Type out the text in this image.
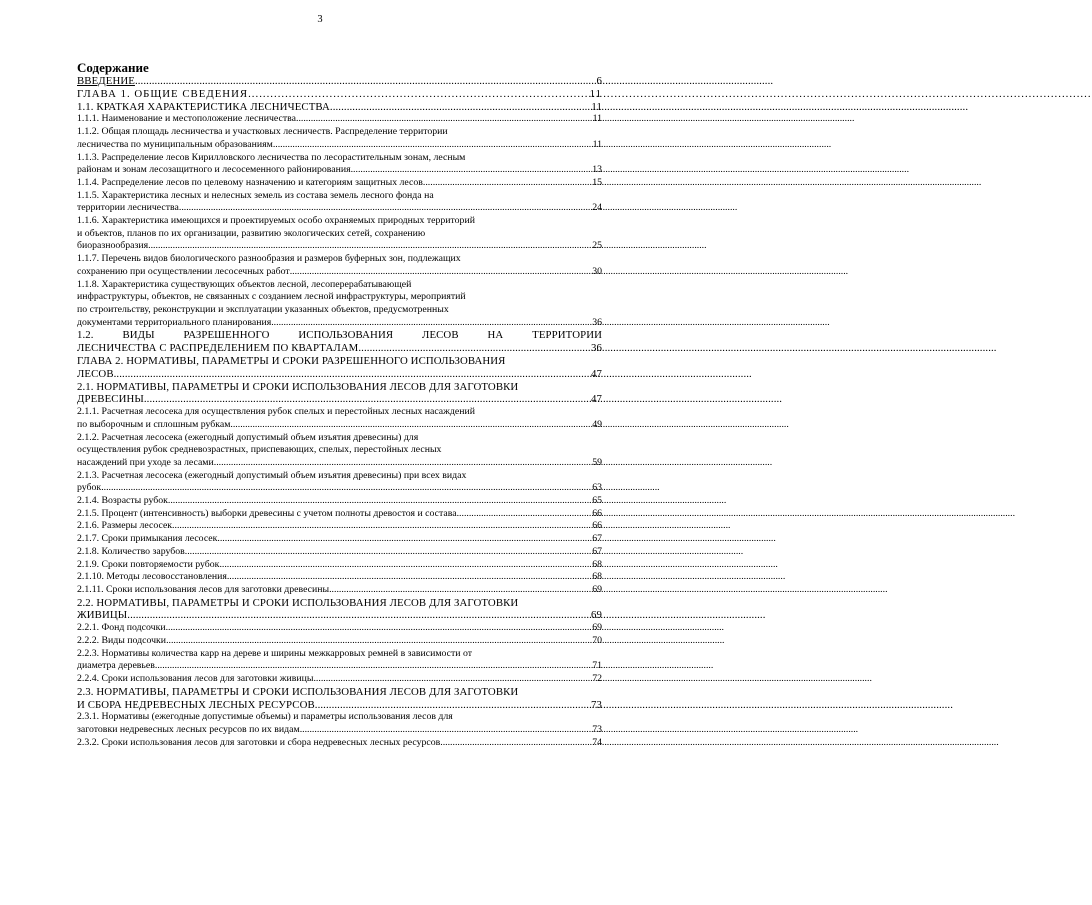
3
Содержание
ВВЕДЕНИЕ .....	6
ГЛАВА 1. ОБЩИЕ СВЕДЕНИЯ .....	11
1.1. КРАТКАЯ ХАРАКТЕРИСТИКА ЛЕСНИЧЕСТВА .....	11
1.1.1. Наименование и местоположение лесничества .....	11
1.1.2. Общая площадь лесничества и участковых лесничеств. Распределение территории
лесничества по муниципальным образованиям .....	11
1.1.3. Распределение лесов Кирилловского лесничества по лесорастительным зонам, лесным
районам и зонам лесозащитного и лесосеменного районирования .....	13
1.1.4. Распределение лесов по целевому назначению и категориям защитных лесов .....	15
1.1.5. Характеристика лесных и нелесных земель из состава земель лесного фонда на
территории лесничества .....	24
1.1.6. Характеристика имеющихся и проектируемых особо охраняемых природных территорий
и объектов, планов по их организации, развитию экологических сетей, сохранению
биоразнообразия .....	25
1.1.7. Перечень видов биологического разнообразия и размеров буферных зон, подлежащих
сохранению при осуществлении лесосечных работ .....	30
1.1.8. Характеристика существующих объектов лесной, лесоперерабатывающей
инфраструктуры, объектов, не связанных с созданием лесной инфраструктуры, мероприятий
по строительству, реконструкции и эксплуатации указанных объектов, предусмотренных
документами территориального планирования .....	36
1.2. ВИДЫ РАЗРЕШЕННОГО ИСПОЛЬЗОВАНИЯ ЛЕСОВ НА ТЕРРИТОРИИ
ЛЕСНИЧЕСТВА С РАСПРЕДЕЛЕНИЕМ ПО КВАРТАЛАМ .....	36
ГЛАВА 2. НОРМАТИВЫ, ПАРАМЕТРЫ И СРОКИ РАЗРЕШЕННОГО ИСПОЛЬЗОВАНИЯ
ЛЕСОВ .....	47
2.1. НОРМАТИВЫ, ПАРАМЕТРЫ И СРОКИ ИСПОЛЬЗОВАНИЯ ЛЕСОВ ДЛЯ ЗАГОТОВКИ
ДРЕВЕСИНЫ .....	47
2.1.1. Расчетная лесосека для осуществления рубок спелых и перестойных лесных насаждений
по выборочным и сплошным рубкам .....	49
2.1.2. Расчетная лесосека (ежегодный допустимый объем изъятия древесины) для
осуществления рубок средневозрастных, приспевающих, спелых, перестойных лесных
насаждений при уходе за лесами .....	59
2.1.3. Расчетная лесосека (ежегодный допустимый объем изъятия древесины) при всех видах
рубок .....	63
2.1.4. Возрасты рубок .....	65
2.1.5. Процент (интенсивность) выборки древесины с учетом полноты древостоя и состава .....	66
2.1.6. Размеры лесосек .....	66
2.1.7. Сроки примыкания лесосек .....	67
2.1.8. Количество зарубов .....	67
2.1.9. Сроки повторяемости рубок .....	68
2.1.10. Методы лесовосстановления .....	68
2.1.11. Сроки использования лесов для заготовки древесины .....	69
2.2. НОРМАТИВЫ, ПАРАМЕТРЫ И СРОКИ ИСПОЛЬЗОВАНИЯ ЛЕСОВ ДЛЯ ЗАГОТОВКИ
ЖИВИЦЫ .....	69
2.2.1. Фонд подсочки .....	69
2.2.2. Виды подсочки .....	70
2.2.3. Нормативы количества карр на дереве и ширины межкарровых ремней в зависимости от
диаметра деревьев .....	71
2.2.4. Сроки использования лесов для заготовки живицы .....	72
2.3. НОРМАТИВЫ, ПАРАМЕТРЫ И СРОКИ ИСПОЛЬЗОВАНИЯ ЛЕСОВ ДЛЯ ЗАГОТОВКИ
И СБОРА НЕДРЕВЕСНЫХ ЛЕСНЫХ РЕСУРСОВ .....	73
2.3.1. Нормативы (ежегодные допустимые объемы) и параметры использования лесов для
заготовки недревесных лесных ресурсов по их видам .....	73
2.3.2. Сроки использования лесов для заготовки и сбора недревесных лесных ресурсов .....	74
